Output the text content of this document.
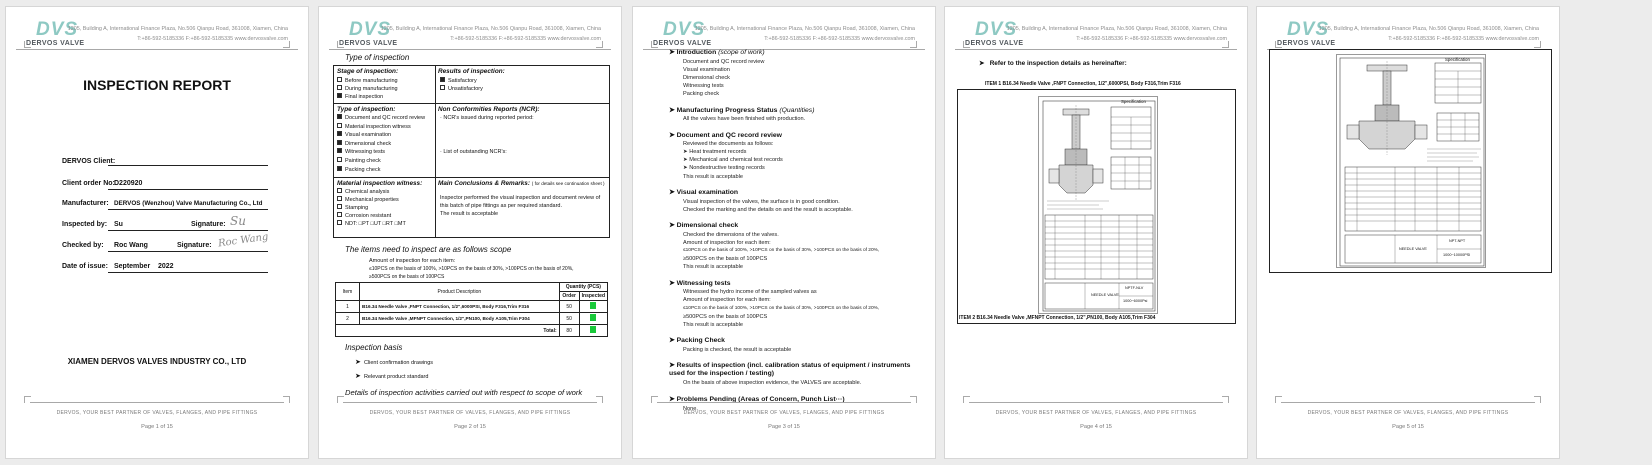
DVS
DERVOS VALVE
1205, Building A, International Finance Plaza, No.506 Qianpu Road, 361008, Xiamen, China
T:+86-592-5185336 F:+86-592-5185335 www.dervosvalve.com
INSPECTION REPORT
DERVOS Client:
Client order No: D220920
Manufacturer: DERVOS (Wenzhou) Valve Manufacturing Co., Ltd
Inspected by: Su	Signature: Su
Checked by: Roc Wang	Signature: Roc Wang
Date of issue: September    2022
XIAMEN DERVOS VALVES INDUSTRY CO., LTD
DERVOS, YOUR BEST PARTNER OF VALVES, FLANGES, AND PIPE FITTINGS
Page 1 of 15
DVS
DERVOS VALVE
1205, Building A, International Finance Plaza, No.506 Qianpu Road, 361008, Xiamen, China
T:+86-592-5185336 F:+86-592-5185335 www.dervosvalve.com
Type of inspection
Stage of inspection:
Before manufacturing
During manufacturing
Final inspection
Results of inspection:
Satisfactory
Unsatisfactory
Type of inspection:
Document and QC record review
Material inspection witness
Visual examination
Dimensional check
Witnessing tests
Painting check
Packing check
Non Conformities Reports (NCR):
· NCR's issued during reported period:
· List of outstanding NCR's:
Material inspection witness:
Chemical analysis
Mechanical properties
Stamping
Corrosion resistant
NDT: □PT □UT □RT □MT
Main Conclusions & Remarks: ( for details see continuation sheet )
Inspector performed the visual inspection and document review of
this batch of pipe fittings as per required standard.
The result is acceptable
The items need to inspect are as follows scope
Amount of inspection for each item:
≤10PCS on the basis of 100%, >10PCS on the basis of 30%, >100PCS on the basis of 20%,
≥500PCS on the basis of 100PCS
Item	Product Description	Quantity (PCS)	
		Order	Inspected
1	B16.34 Needle Valve ,FNPT Connection, 1/2",6000PSI, Body F316,Trim F316	50	
2	B16.34 Needle Valve ,MFNPT Connection, 1/2",PN100, Body A105,Trim F304	50	
Total:		80	
Inspection basis
➤ Client confirmation drawings
➤ Relevant product standard
Details of inspection activities carried out with respect to scope of work
DERVOS, YOUR BEST PARTNER OF VALVES, FLANGES, AND PIPE FITTINGS
Page 2 of 15
DVS
DERVOS VALVE
1205, Building A, International Finance Plaza, No.506 Qianpu Road, 361008, Xiamen, China
T:+86-592-5185336 F:+86-592-5185335 www.dervosvalve.com
➤ Introduction (scope of work)
Document and QC record review
Visual examination
Dimensional check
Witnessing tests
Packing check
➤ Manufacturing Progress Status (Quantities)
All the valves have been finished with production.
➤ Document and QC record review
Reviewed the documents as follows:
➤ Heat treatment records
➤ Mechanical and chemical test records
➤ Nondestructive testing records
This result is acceptable
➤ Visual examination
Visual inspection of the valves, the surface is in good condition.
Checked the marking and the details on and the result is acceptable.
➤ Dimensional check
Checked the dimensions of the valves.
Amount of inspection for each item:
≤10PCS on the basis of 100%, >10PCS on the basis of 30%, >100PCS on the basis of 20%,
≥500PCS on the basis of 100PCS
This result is acceptable
➤ Witnessing tests
Witnessed the hydro income of the sampled valves as
Amount of inspection for each item:
≤10PCS on the basis of 100%, >10PCS on the basis of 30%, >100PCS on the basis of 20%,
≥500PCS on the basis of 100PCS
This result is acceptable
➤ Packing Check
Packing is checked, the result is acceptable
➤ Results of inspection (incl. calibration status of equipment / instruments used for the inspection / testing)
On the basis of above inspection evidence, the VALVES are acceptable.
➤ Problems Pending (Areas of Concern, Punch List···)
None.
DERVOS, YOUR BEST PARTNER OF VALVES, FLANGES, AND PIPE FITTINGS
Page 3 of 15
DVS
DERVOS VALVE
1205, Building A, International Finance Plaza, No.506 Qianpu Road, 361008, Xiamen, China
T:+86-592-5185336 F:+86-592-5185335 www.dervosvalve.com
➤   Refer to the inspection details as hereinafter:
ITEM 1 B16.34 Needle Valve ,FNPT Connection, 1/2",6000PSI, Body F316,Trim F316
Specification
NEEDLE VALVE
NPTF-NLV
1000~6000Psi
ITEM 2 B16.34 Needle Valve ,MFNPT Connection, 1/2",PN100, Body A105,Trim F304
DERVOS, YOUR BEST PARTNER OF VALVES, FLANGES, AND PIPE FITTINGS
Page 4 of 15
DVS
DERVOS VALVE
1205, Building A, International Finance Plaza, No.506 Qianpu Road, 361008, Xiamen, China
T:+86-592-5185336 F:+86-592-5185335 www.dervosvalve.com
Specification
NEEDLE VALVE
NPT-NPT
1000~10000PSI
DERVOS, YOUR BEST PARTNER OF VALVES, FLANGES, AND PIPE FITTINGS
Page 5 of 15
